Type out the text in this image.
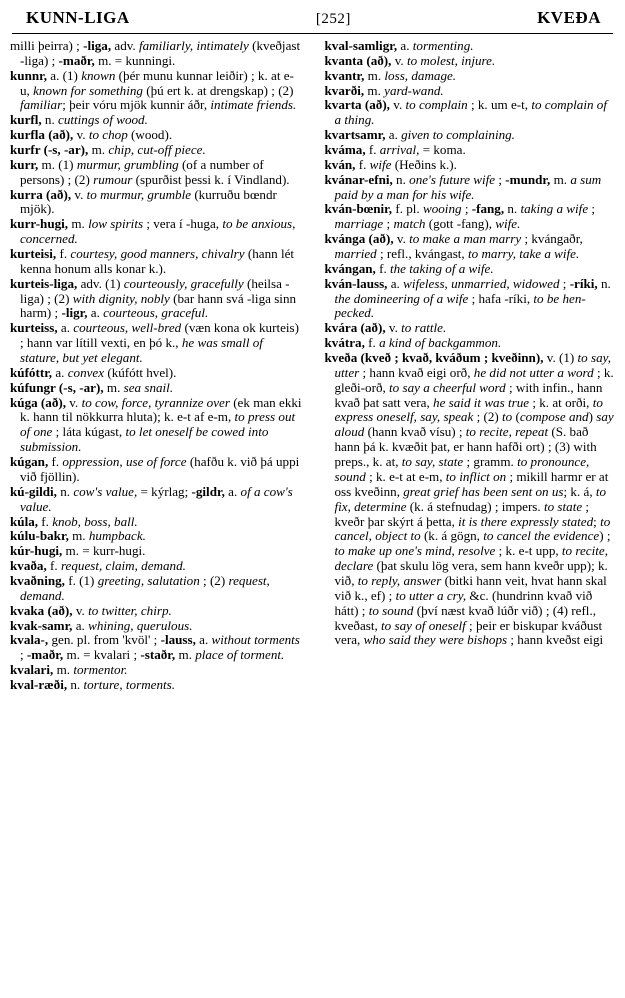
KUNN-LIGA	[252]	KVEÐA

milli þeirra) ; -liga, adv. familiarly, intimately (kveðjast -liga) ; -maðr, m. = kunningi.

kunnr, a. (1) known (þér munu kunnar leiðir) ; k. at e-u, known for something (þú ert k. at drengskap) ; (2) familiar; þeir vóru mjök kunnir áðr, intimate friends.

kurfl, n. cuttings of wood.

kurfla (að), v. to chop (wood).

kurfr (-s, -ar), m. chip, cut-off piece.

kurr, m. (1) murmur, grumbling (of a number of persons) ; (2) rumour (spurðist þessi k. í Vindland).

kurra (að), v. to murmur, grumble (kurruðu bœndr mjök).

kurr-hugi, m. low spirits ; vera í -huga, to be anxious, concerned.

kurteisi, f. courtesy, good manners, chivalry (hann lét kenna honum alls konar k.).

kurteis-liga, adv. (1) courteously, gracefully (heilsa -liga) ; (2) with dignity, nobly (bar hann svá -liga sinn harm) ; -ligr, a. courteous, graceful.

kurteiss, a. courteous, well-bred (væn kona ok kurteis) ; hann var lítill vexti, en þó k., he was small of stature, but yet elegant.

kúfóttr, a. convex (kúfótt hvel).

kúfungr (-s, -ar), m. sea snail.

kúga (að), v. to cow, force, tyrannize over (ek man ekki k. hann til nökkurra hluta); k. e-t af e-m, to press out of one ; láta kúgast, to let oneself be cowed into submission.

kúgan, f. oppression, use of force (hafðu k. við þá uppi við fjöllin).

kú-gildi, n. cow's value, = kýrlag; -gildr, a. of a cow's value.

kúla, f. knob, boss, ball.

kúlu-bakr, m. humpback.

kúr-hugi, m. = kurr-hugi.

kvaða, f. request, claim, demand.

kvaðning, f. (1) greeting, salutation ; (2) request, demand.

kvaka (að), v. to twitter, chirp.

kvak-samr, a. whining, querulous.

kvala-, gen. pl. from 'kvöl' ; -lauss, a. without torments ; -maðr, m. = kvalari ; -staðr, m. place of torment.

kvalari, m. tormentor.

kval-ræði, n. torture, torments.

kval-samligr, a. tormenting.

kvanta (að), v. to molest, injure.

kvantr, m. loss, damage.

kvarði, m. yard-wand.

kvarta (að), v. to complain ; k. um e-t, to complain of a thing.

kvartsamr, a. given to complaining.

kváma, f. arrival, = koma.

kván, f. wife (Heðins k.).

kvánar-efni, n. one's future wife ; -mundr, m. a sum paid by a man for his wife.

kván-bœnir, f. pl. wooing ; -fang, n. taking a wife ; marriage ; match (gott -fang), wife.

kvánga (að), v. to make a man marry ; kvángaðr, married ; refl., kvángast, to marry, take a wife.

kvángan, f. the taking of a wife.

kván-lauss, a. wifeless, unmarried, widowed ; -ríki, n. the domineering of a wife ; hafa -ríki, to be hen-pecked.

kvára (að), v. to rattle.

kvátra, f. a kind of backgammon.

kveða (kveð ; kvað, kváðum ; kveðinn), v. (1) to say, utter ; hann kvað eigi orð, he did not utter a word ; k. gleði-orð, to say a cheerful word ; with infin., hann kvað þat satt vera, he said it was true ; k. at orði, to express oneself, say, speak ; (2) to (compose and) say aloud (hann kvað vísu) ; to recite, repeat (S. bað hann þá k. kvæðit þat, er hann hafði ort) ; (3) with preps., k. at, to say, state ; gramm. to pronounce, sound ; k. e-t at e-m, to inflict on ; mikill harmr er at oss kveðinn, great grief has been sent on us; k. á, to fix, determine (k. á stefnudag) ; impers. to state ; kveðr þar skýrt á þetta, it is there expressly stated; to cancel, object to (k. á gögn, to cancel the evidence) ; to make up one's mind, resolve ; k. e-t upp, to recite, declare (þat skulu lög vera, sem hann kveðr upp); k. við, to reply, answer (bitki hann veit, hvat hann skal við k., ef) ; to utter a cry, &c. (hundrinn kvað við hátt) ; to sound (því næst kvað lúðr við) ; (4) refl., kveðast, to say of oneself ; þeir er biskupar kváðust vera, who said they were bishops ; hann kveðst eigi
